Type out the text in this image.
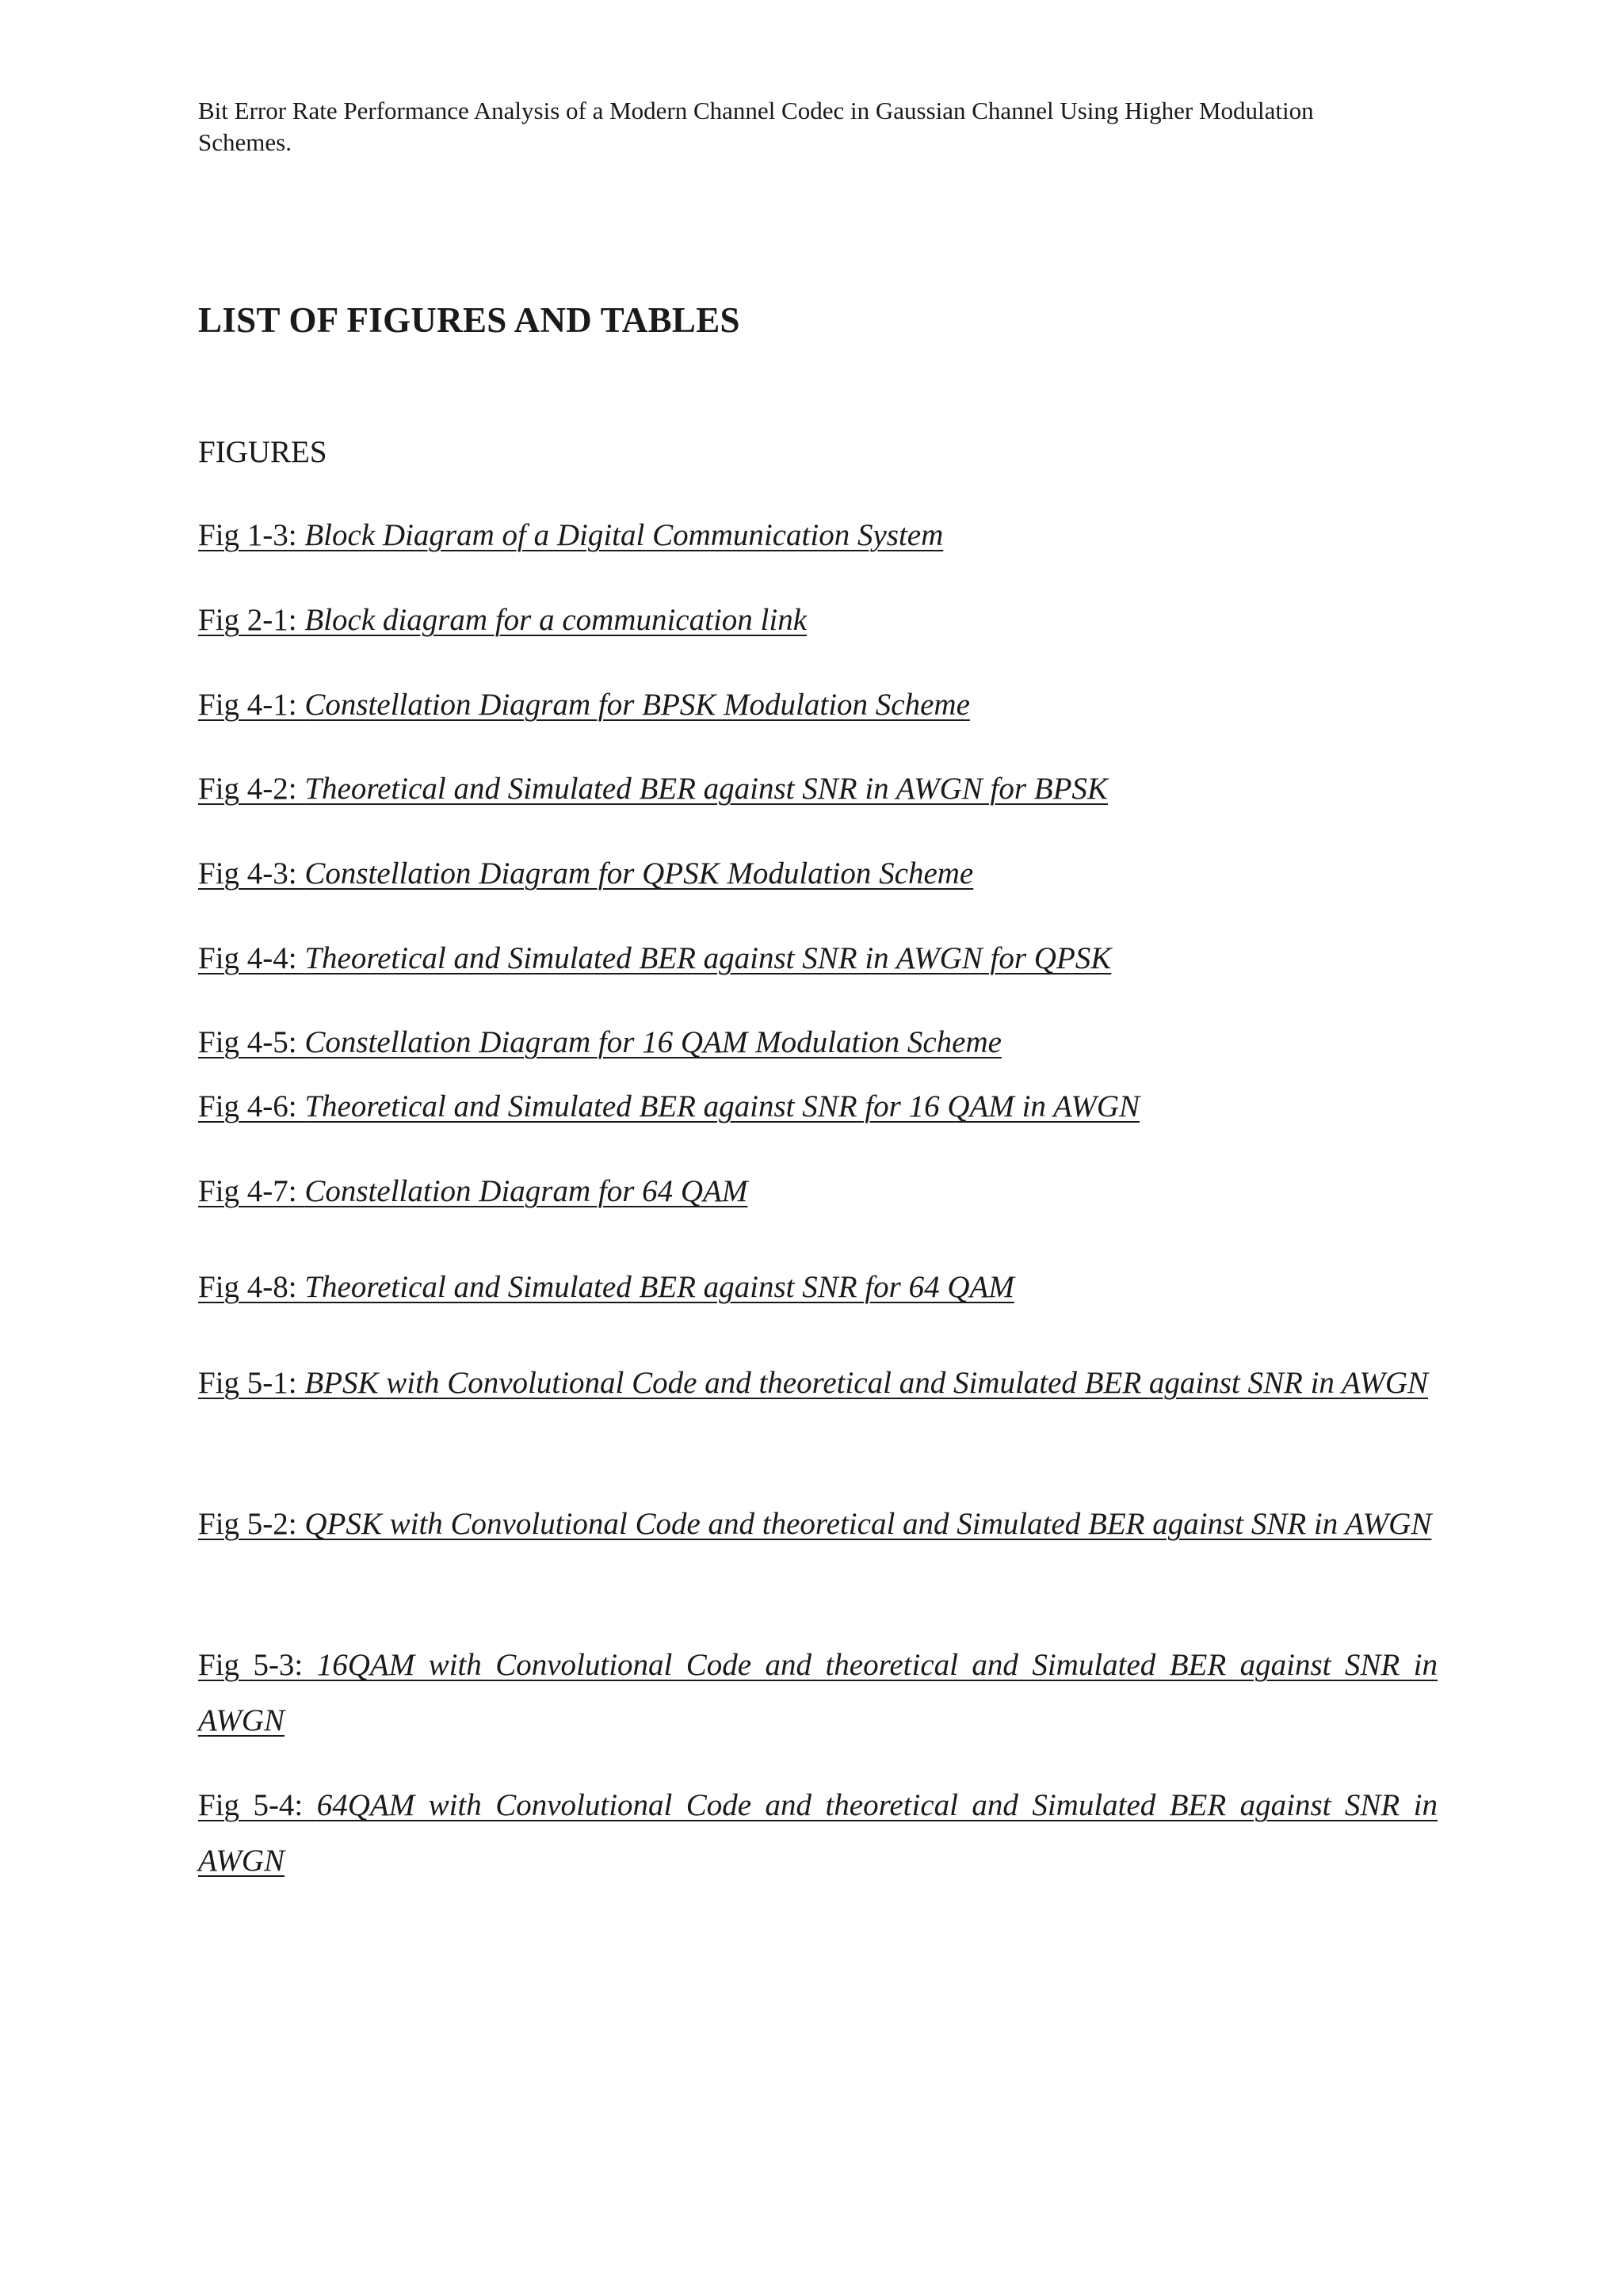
Bit Error Rate Performance Analysis of a Modern Channel Codec in Gaussian Channel Using Higher Modulation Schemes.
LIST OF FIGURES AND TABLES
FIGURES
Fig 1-3: Block Diagram of a Digital Communication System
Fig 2-1: Block diagram for a communication link
Fig 4-1: Constellation Diagram for BPSK Modulation Scheme
Fig 4-2: Theoretical and Simulated BER against SNR in AWGN for BPSK
Fig 4-3: Constellation Diagram for QPSK Modulation Scheme
Fig 4-4: Theoretical and Simulated BER against SNR in AWGN for QPSK
Fig 4-5: Constellation Diagram for 16 QAM Modulation Scheme
Fig 4-6: Theoretical and Simulated BER against SNR for 16 QAM in AWGN
Fig 4-7: Constellation Diagram for 64 QAM
Fig 4-8: Theoretical and Simulated BER against SNR for 64 QAM
Fig 5-1: BPSK with Convolutional Code and theoretical and Simulated BER against SNR in AWGN
Fig 5-2: QPSK with Convolutional Code and theoretical and Simulated BER against SNR in AWGN
Fig 5-3: 16QAM with Convolutional Code and theoretical and Simulated BER against SNR in AWGN
Fig 5-4: 64QAM with Convolutional Code and theoretical and Simulated BER against SNR in AWGN
